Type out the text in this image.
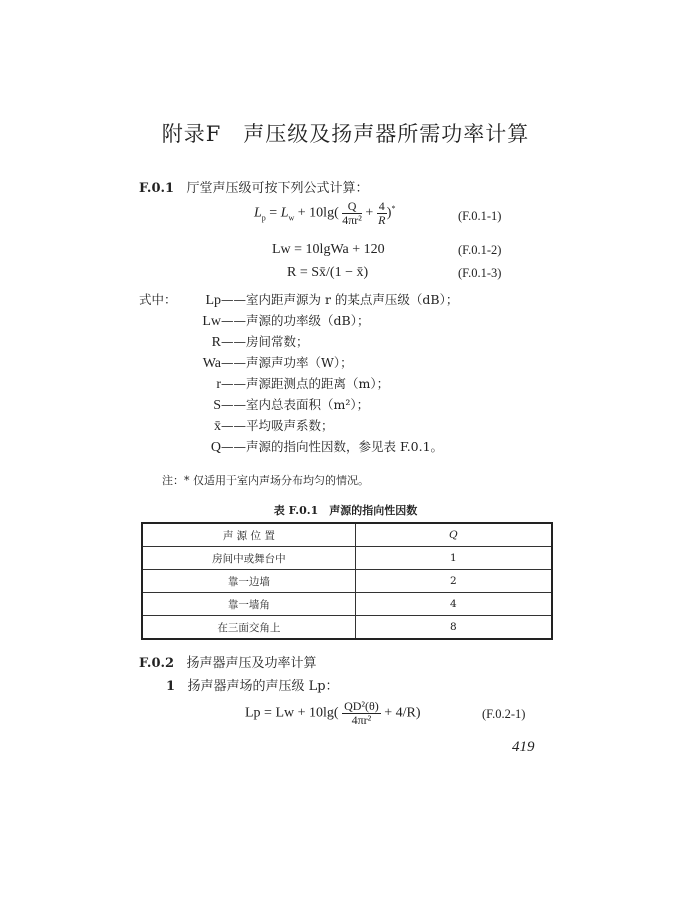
附录F　声压级及扬声器所需功率计算
F.0.1 厅堂声压级可按下列公式计算：
$L_p = L_w + 10\lg( \frac{Q}{\text{4πr²}} + \frac{4}{R} )^*$
(F.0.1-1)
Lw = 10lgWa + 120	(F.0.1-2)
R = Sx̄/(1 − x̄)	(F.0.1-3)
式中：	Lp——室内距声源为 r 的某点声压级（dB）；
Lw——声源的功率级（dB）；
R——房间常数；
Wa——声源声功率（W）；
r——声源距测点的距离（m）；
S——室内总表面积（m²）；
x̄——平均吸声系数；
Q——声源的指向性因数，参见表 F.0.1。
注：* 仅适用于室内声场分布均匀的情况。
表 F.0.1　声源的指向性因数
声 源 位 置	Q
房间中或舞台中	1
靠一边墙	2
靠一墙角	4
在三面交角上	8
F.0.2 扬声器声压及功率计算
1 扬声器声场的声压级 Lp：
$Lp = Lw + 10\lg( \frac{\text{QD²(θ)}}{\text{4πr²}} + 4/R)$	(F.0.2-1)
419
